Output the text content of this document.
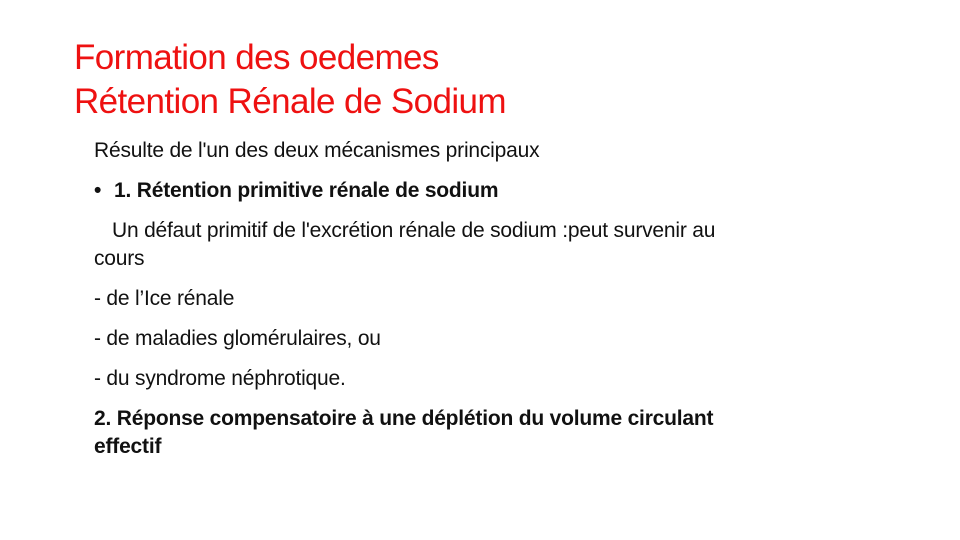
Formation des oedemes
Rétention Rénale de Sodium

Résulte de l'un des deux mécanismes principaux

• 1. Rétention primitive rénale de sodium

Un défaut primitif de l'excrétion rénale de sodium :peut survenir au

cours

- de l’Ice rénale

- de maladies glomérulaires, ou

- du syndrome néphrotique.

2. Réponse compensatoire à une déplétion du volume circulant

effectif
